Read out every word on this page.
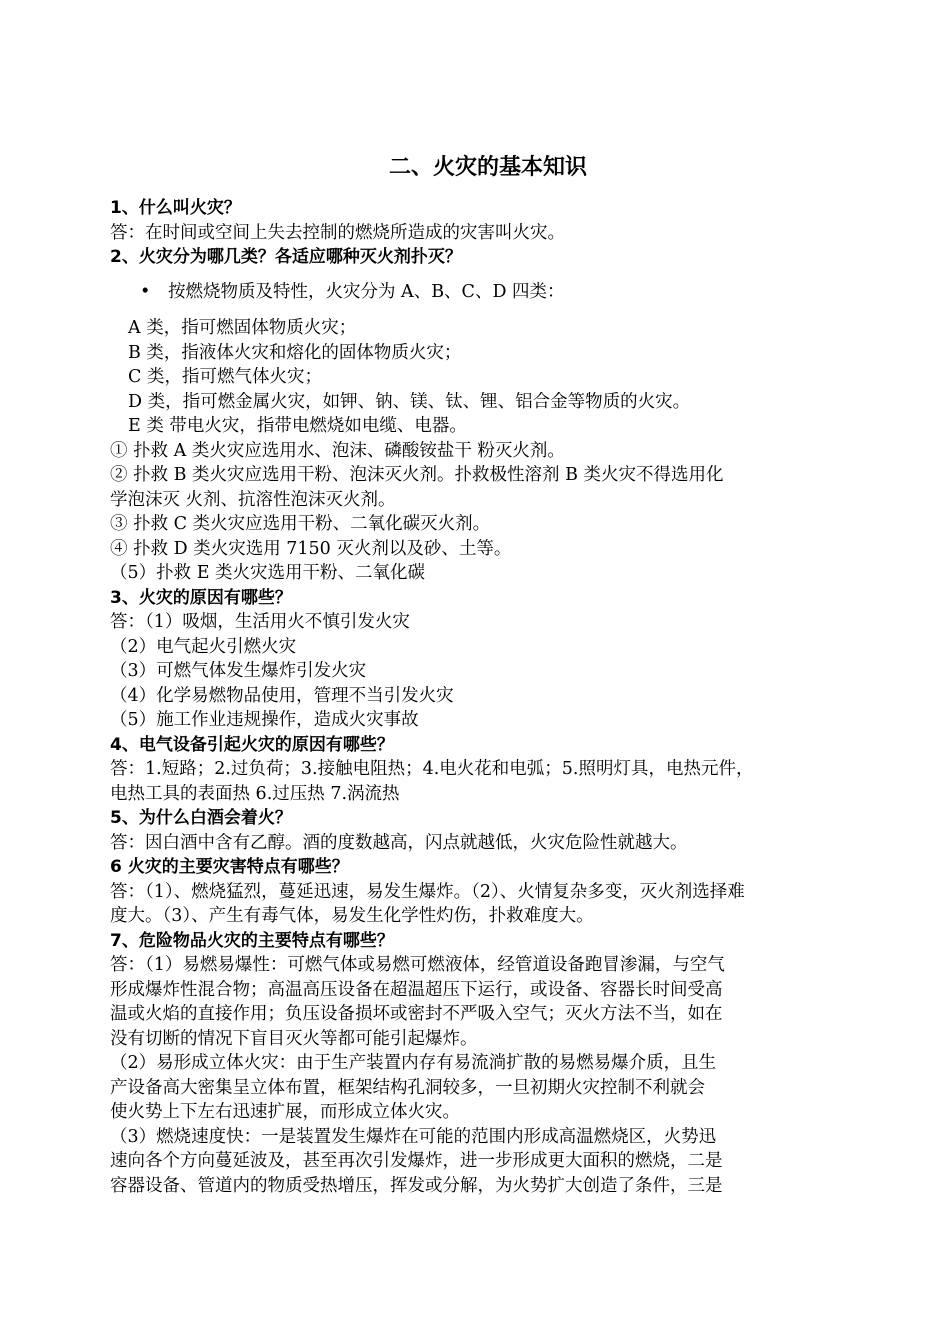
二、火灾的基本知识
1、什么叫火灾？
答：在时间或空间上失去控制的燃烧所造成的灾害叫火灾。
2、火灾分为哪几类？各适应哪种灭火剂扑灭？
• 按燃烧物质及特性，火灾分为 A、B、C、D 四类：
A 类，指可燃固体物质火灾；
B 类，指液体火灾和熔化的固体物质火灾；
C 类，指可燃气体火灾；
D 类，指可燃金属火灾，如钾、钠、镁、钛、锂、铝合金等物质的火灾。
E 类 带电火灾，指带电燃烧如电缆、电器。
① 扑救 A 类火灾应选用水、泡沫、磷酸铵盐干 粉灭火剂。
② 扑救 B 类火灾应选用干粉、泡沫灭火剂。扑救极性溶剂 B 类火灾不得选用化
学泡沫灭 火剂、抗溶性泡沫灭火剂。
③ 扑救 C 类火灾应选用干粉、二氧化碳灭火剂。
④ 扑救 D 类火灾选用 7150 灭火剂以及砂、土等。
（5）扑救 E 类火灾选用干粉、二氧化碳
3、火灾的原因有哪些？
答：（1）吸烟，生活用火不慎引发火灾
（2）电气起火引燃火灾
（3）可燃气体发生爆炸引发火灾
（4）化学易燃物品使用，管理不当引发火灾
（5）施工作业违规操作，造成火灾事故
4、电气设备引起火灾的原因有哪些？
答：1.短路；2.过负荷；3.接触电阻热；4.电火花和电弧；5.照明灯具，电热元件，
电热工具的表面热 6.过压热 7.涡流热
5、为什么白酒会着火？
答：因白酒中含有乙醇。酒的度数越高，闪点就越低，火灾危险性就越大。
6 火灾的主要灾害特点有哪些？
答：（1）、燃烧猛烈，蔓延迅速，易发生爆炸。（2）、火情复杂多变，灭火剂选择难
度大。（3）、产生有毒气体，易发生化学性灼伤，扑救难度大。
7、危险物品火灾的主要特点有哪些？
答：（1）易燃易爆性：可燃气体或易燃可燃液体，经管道设备跑冒渗漏，与空气
形成爆炸性混合物；高温高压设备在超温超压下运行，或设备、容器长时间受高
温或火焰的直接作用；负压设备损坏或密封不严吸入空气；灭火方法不当，如在
没有切断的情况下盲目灭火等都可能引起爆炸。
（2）易形成立体火灾：由于生产装置内存有易流淌扩散的易燃易爆介质，且生
产设备高大密集呈立体布置，框架结构孔洞较多，一旦初期火灾控制不利就会
使火势上下左右迅速扩展，而形成立体火灾。
（3）燃烧速度快：一是装置发生爆炸在可能的范围内形成高温燃烧区，火势迅
速向各个方向蔓延波及，甚至再次引发爆炸，进一步形成更大面积的燃烧，二是
容器设备、管道内的物质受热增压，挥发或分解，为火势扩大创造了条件，三是
